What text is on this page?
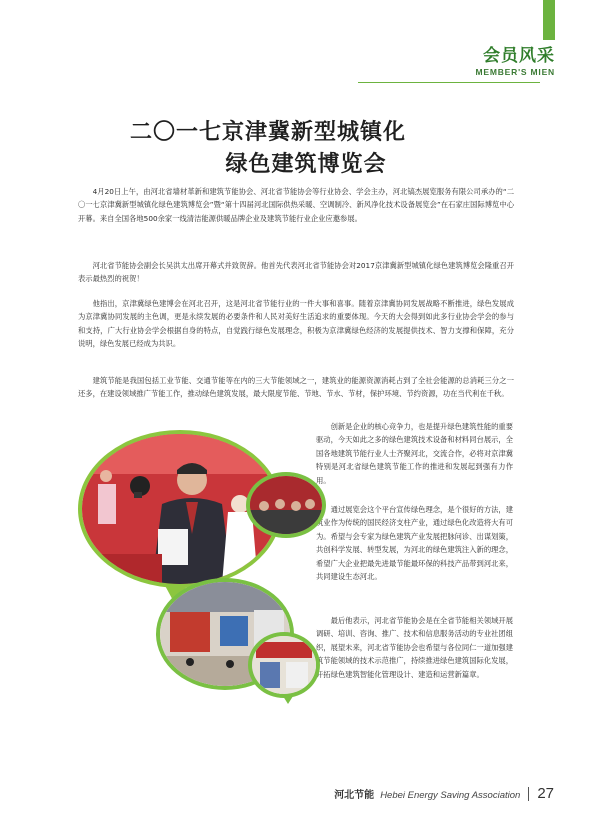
会员风采
MEMBER'S MIEN
二〇一七京津冀新型城镇化
绿色建筑博览会

4月20日上午，由河北省墙材革新和建筑节能协会、河北省节能协会等行业协会、学会主办，河北镐杰展览服务有限公司承办的“二〇一七京津冀新型城镇化绿色建筑博览会”暨“第十四届河北国际供热采暖、空调制冷、新风净化技术设备展览会”在石家庄国际博览中心开幕。来自全国各地500余家一线清洁能源供暖品牌企业及建筑节能行业企业应邀参展。

河北省节能协会副会长吴洪太出席开幕式并致贺辞。他首先代表河北省节能协会对2017京津冀新型城镇化绿色建筑博览会隆重召开表示最热烈的祝贺！

他指出，京津冀绿色建博会在河北召开，这是河北省节能行业的一件大事和喜事。随着京津冀协同发展战略不断推进，绿色发展成为京津冀协同发展的主色调，更是永续发展的必要条件和人民对美好生活追求的重要体现。今天的大会得到如此多行业协会学会的参与和支持，广大行业协会学会根据自身的特点，自觉践行绿色发展理念，积极为京津冀绿色经济的发展提供技术、智力支撑和保障，充分说明，绿色发展已经成为共识。

建筑节能是我国包括工业节能、交通节能等在内的三大节能领域之一，建筑业的能源资源消耗占到了全社会能源的总消耗三分之一还多，在建设领域推广节能工作，推动绿色建筑发展，最大限度节能、节地、节水、节材，保护环境、节约资源，功在当代利在千秋。

创新是企业的核心竞争力，也是提升绿色建筑性能的重要驱动，今天如此之多的绿色建筑技术设备和材料同台展示，全国各地建筑节能行业人士齐聚河北，交流合作，必将对京津冀特别是河北省绿色建筑节能工作的推进和发展起到强有力作用。

通过展览会这个平台宣传绿色理念，是个很好的方法，建筑业作为传统的国民经济支柱产业，通过绿色化改造将大有可为。希望与会专家为绿色建筑产业发展把脉问诊、出谋划策，共创科学发展、转型发展，为河北的绿色建筑注入新的理念，希望广大企业把最先进最节能最环保的科技产品带到河北来，共同建设生态河北。

最后他表示，河北省节能协会是在全省节能相关领域开展调研、培训、咨询、推广、技术和信息服务活动的专业社团组织，展望未来，河北省节能协会也希望与各位同仁一道加强建筑节能领域的技术示范推广，持续推进绿色建筑国际化发展，开拓绿色建筑智能化管理设计、建造和运营新篇章。

河北节能 Hebei Energy Saving Association 27
